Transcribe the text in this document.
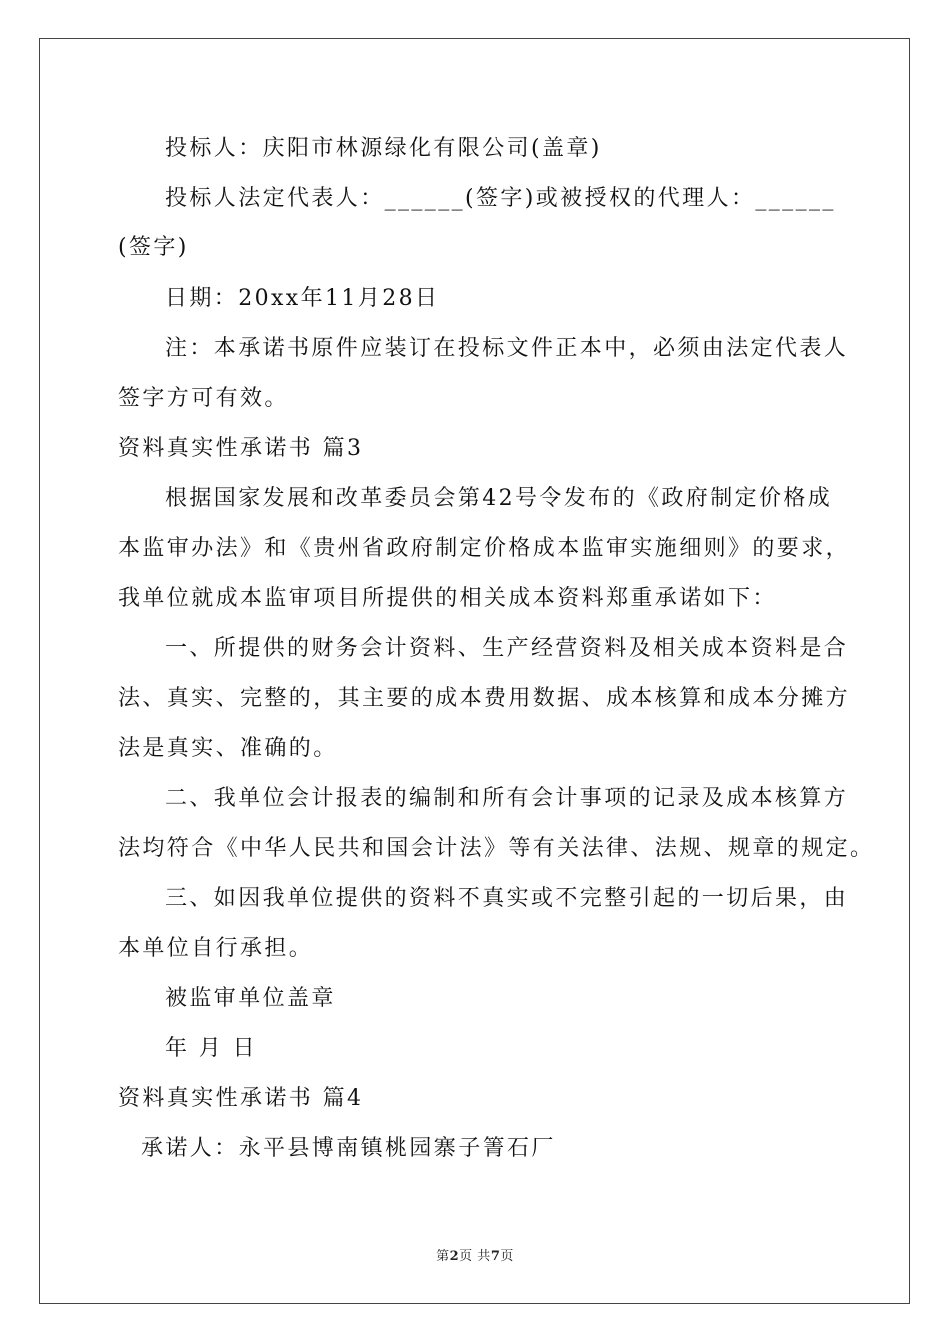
投标人：庆阳市林源绿化有限公司(盖章)
投标人法定代表人：______(签字)或被授权的代理人：______
(签字)
日期：20xx年11月28日
注：本承诺书原件应装订在投标文件正本中，必须由法定代表人
签字方可有效。
资料真实性承诺书 篇3
根据国家发展和改革委员会第42号令发布的《政府制定价格成
本监审办法》和《贵州省政府制定价格成本监审实施细则》的要求，
我单位就成本监审项目所提供的相关成本资料郑重承诺如下：
一、所提供的财务会计资料、生产经营资料及相关成本资料是合
法、真实、完整的，其主要的成本费用数据、成本核算和成本分摊方
法是真实、准确的。
二、我单位会计报表的编制和所有会计事项的记录及成本核算方
法均符合《中华人民共和国会计法》等有关法律、法规、规章的规定。
三、如因我单位提供的资料不真实或不完整引起的一切后果，由
本单位自行承担。
被监审单位盖章
年 月 日
资料真实性承诺书 篇4
承诺人：永平县博南镇桃园寨子箐石厂
第2页 共7页
